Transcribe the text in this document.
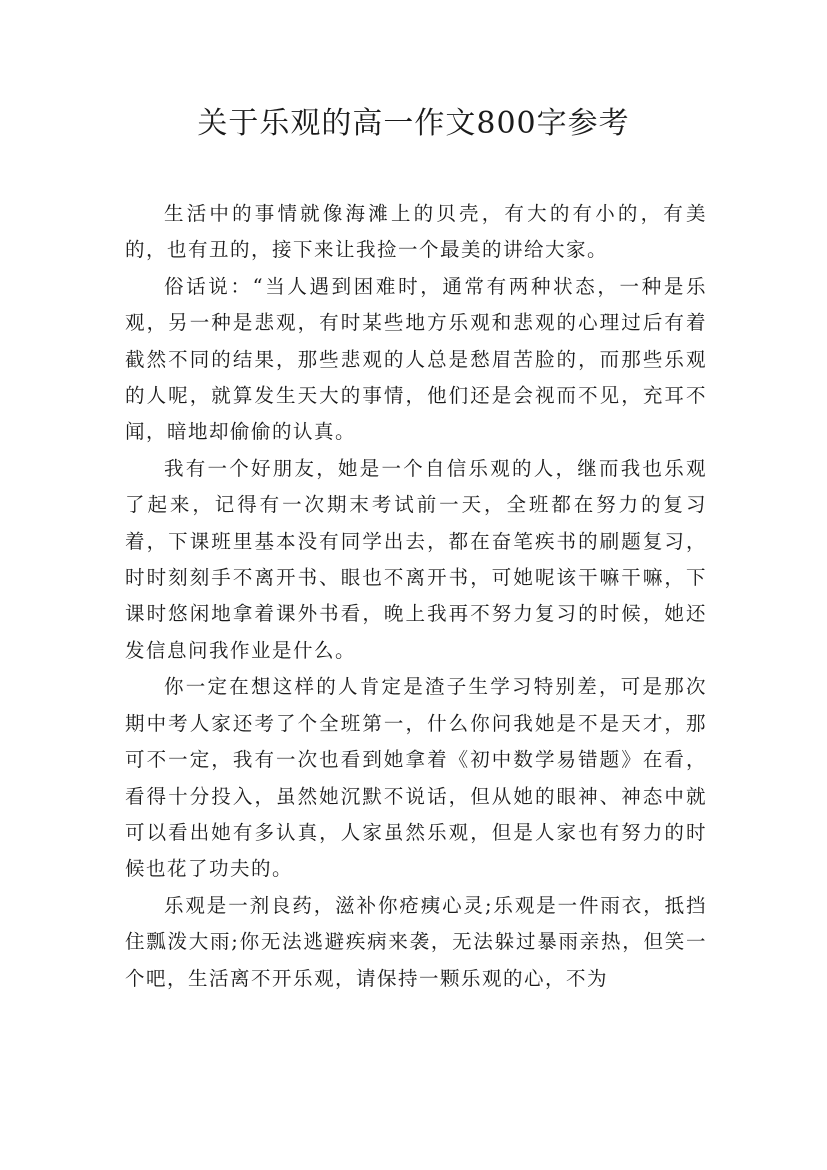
关于乐观的高一作文800字参考

生活中的事情就像海滩上的贝壳，有大的有小的，有美的，也有丑的，接下来让我捡一个最美的讲给大家。

俗话说：“当人遇到困难时，通常有两种状态，一种是乐观，另一种是悲观，有时某些地方乐观和悲观的心理过后有着截然不同的结果，那些悲观的人总是愁眉苦脸的，而那些乐观的人呢，就算发生天大的事情，他们还是会视而不见，充耳不闻，暗地却偷偷的认真。

我有一个好朋友，她是一个自信乐观的人，继而我也乐观了起来，记得有一次期末考试前一天，全班都在努力的复习着，下课班里基本没有同学出去，都在奋笔疾书的刷题复习，时时刻刻手不离开书、眼也不离开书，可她呢该干嘛干嘛，下课时悠闲地拿着课外书看，晚上我再不努力复习的时候，她还发信息问我作业是什么。

你一定在想这样的人肯定是渣子生学习特别差，可是那次期中考人家还考了个全班第一，什么你问我她是不是天才，那可不一定，我有一次也看到她拿着《初中数学易错题》在看，看得十分投入，虽然她沉默不说话，但从她的眼神、神态中就可以看出她有多认真，人家虽然乐观，但是人家也有努力的时候也花了功夫的。

乐观是一剂良药，滋补你疮痍心灵;乐观是一件雨衣，抵挡住瓢泼大雨;你无法逃避疾病来袭，无法躲过暴雨亲热，但笑一个吧，生活离不开乐观，请保持一颗乐观的心，不为
